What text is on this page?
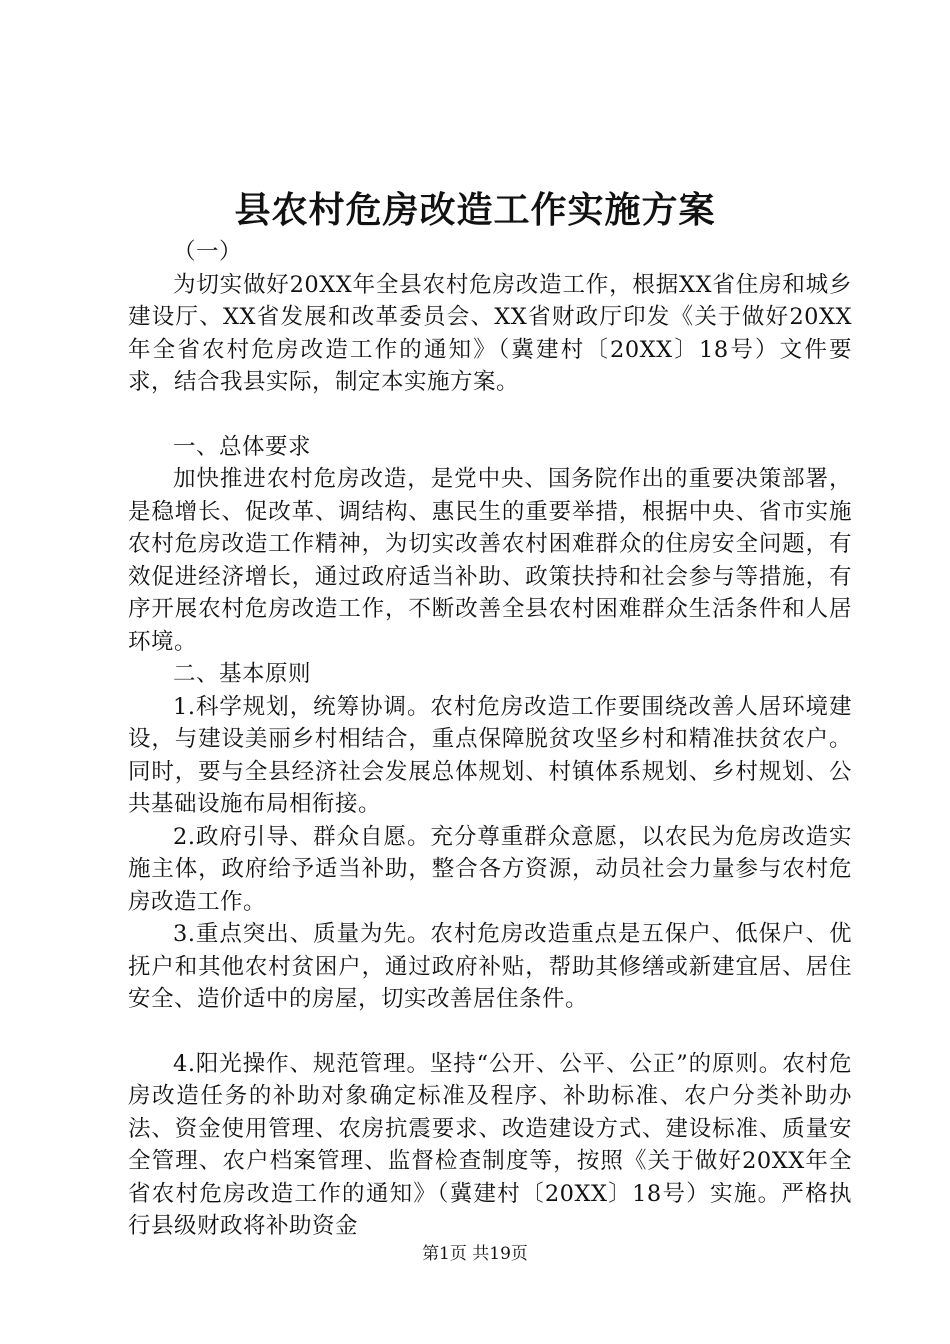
县农村危房改造工作实施方案

（一）

为切实做好20XX年全县农村危房改造工作，根据XX省住房和城乡建设厅、XX省发展和改革委员会、XX省财政厅印发《关于做好20XX年全省农村危房改造工作的通知》（冀建村〔20XX〕18号）文件要求，结合我县实际，制定本实施方案。

一、总体要求

加快推进农村危房改造，是党中央、国务院作出的重要决策部署，是稳增长、促改革、调结构、惠民生的重要举措，根据中央、省市实施农村危房改造工作精神，为切实改善农村困难群众的住房安全问题，有效促进经济增长，通过政府适当补助、政策扶持和社会参与等措施，有序开展农村危房改造工作，不断改善全县农村困难群众生活条件和人居环境。

二、基本原则

1.科学规划，统筹协调。农村危房改造工作要围绕改善人居环境建设，与建设美丽乡村相结合，重点保障脱贫攻坚乡村和精准扶贫农户。同时，要与全县经济社会发展总体规划、村镇体系规划、乡村规划、公共基础设施布局相衔接。

2.政府引导、群众自愿。充分尊重群众意愿，以农民为危房改造实施主体，政府给予适当补助，整合各方资源，动员社会力量参与农村危房改造工作。

3.重点突出、质量为先。农村危房改造重点是五保户、低保户、优抚户和其他农村贫困户，通过政府补贴，帮助其修缮或新建宜居、居住安全、造价适中的房屋，切实改善居住条件。

4.阳光操作、规范管理。坚持“公开、公平、公正”的原则。农村危房改造任务的补助对象确定标准及程序、补助标准、农户分类补助办法、资金使用管理、农房抗震要求、改造建设方式、建设标准、质量安全管理、农户档案管理、监督检查制度等，按照《关于做好20XX年全省农村危房改造工作的通知》（冀建村〔20XX〕18号）实施。严格执行县级财政将补助资金

第1页 共19页
